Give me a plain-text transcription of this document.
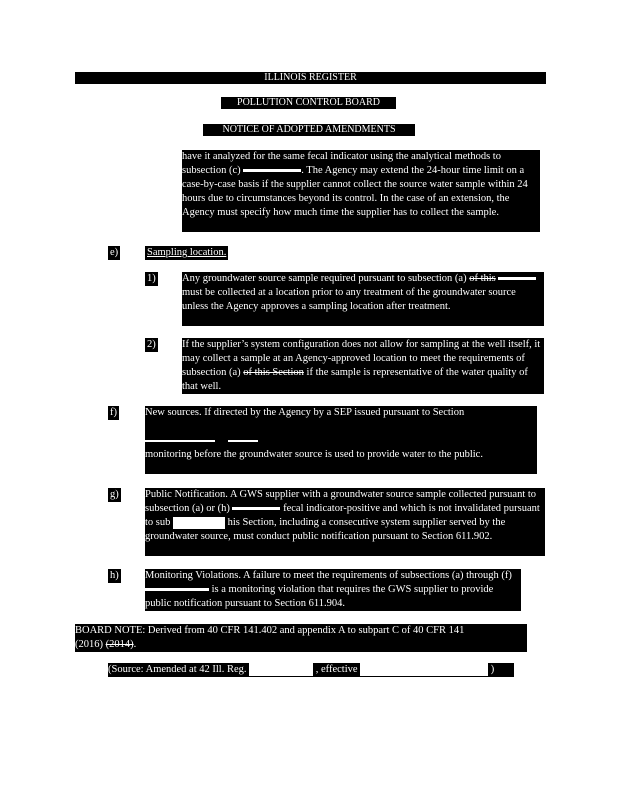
ILLINOIS REGISTER
POLLUTION CONTROL BOARD
NOTICE OF ADOPTED AMENDMENTS
have it analyzed for the same fecal indicator using the analytical methods to subsection (c)	. The Agency may extend the 24-hour time limit on a case-by-case basis if the supplier cannot collect the source water sample within 24 hours due to circumstances beyond its control. In the case of an extension, the Agency must specify how much time the supplier has to collect the sample.
e)	Sampling location.
1)	Any groundwater source sample required pursuant to subsection (a) of this  must be collected at a location prior to any treatment of the groundwater source unless the Agency approves a sampling location after treatment.
2)	If the supplier’s system configuration does not allow for sampling at the well itself, it may collect a sample at an Agency-approved location to meet the requirements of subsection (a) of this Section if the sample is representative of the water quality of that well.
f)	New sources. If directed by the Agency by a SEP issued pursuant to Section
611.110, a GWS supplier that places a new groundwater source into service must

monitoring before the groundwater source is used to provide water to the public.
g)	Public Notification. A GWS supplier with a groundwater source sample collected pursuant to subsection (a) or (h)	fecal indicator-positive and which is not invalidated pursuant to sub	his Section, including a consecutive system supplier served by the groundwater source, must conduct public notification pursuant to Section 611.902.
h)	Monitoring Violations. A failure to meet the requirements of subsections (a) through (f)  is a monitoring violation that requires the GWS supplier to provide public notification pursuant to Section 611.904.
BOARD NOTE: Derived from 40 CFR 141.402 and appendix A to subpart C of 40 CFR 141
(2016) (2014).
(Source: Amended at 42 Ill. Reg.	, effective	)
